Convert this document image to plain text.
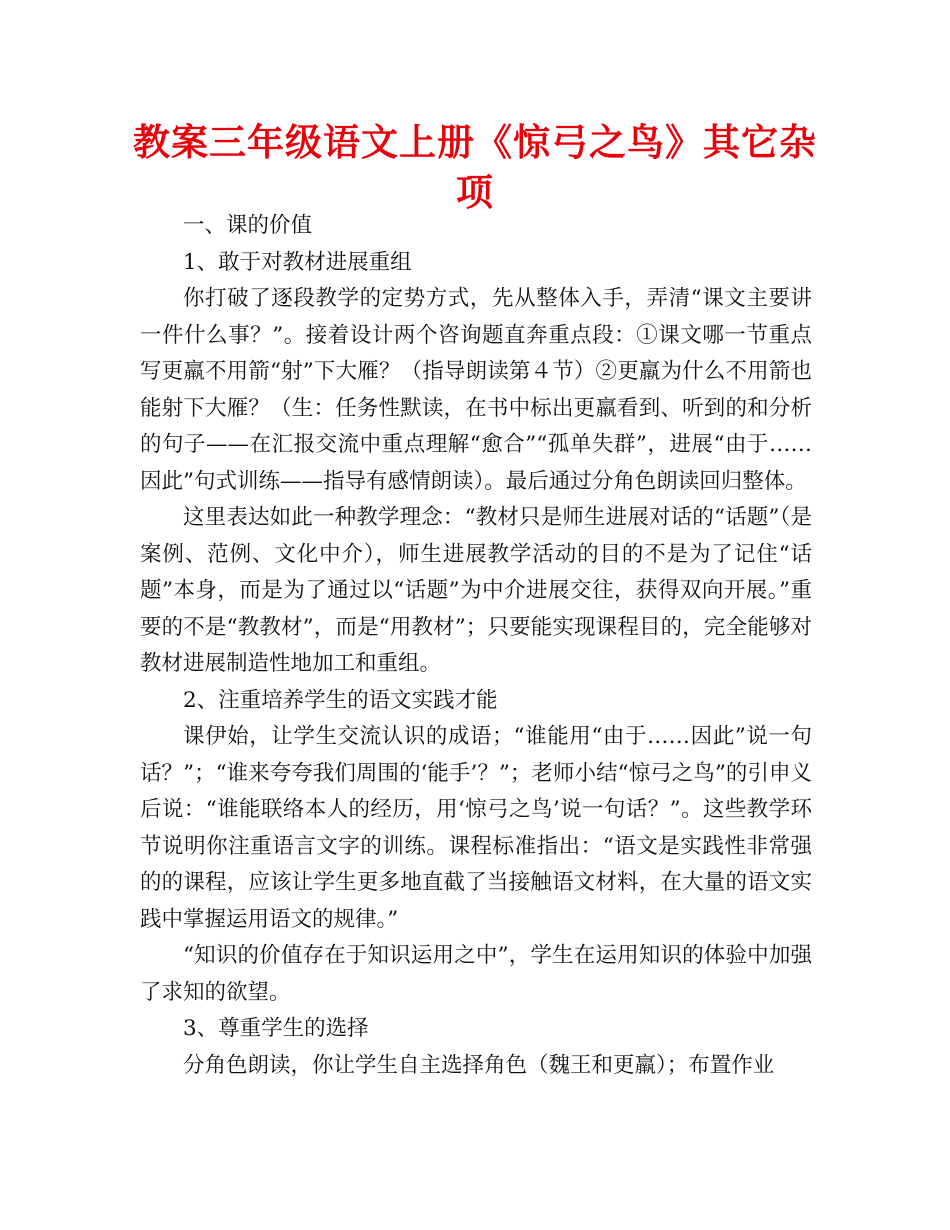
教案三年级语文上册《惊弓之鸟》其它杂项

一、课的价值

1、敢于对教材进展重组

你打破了逐段教学的定势方式，先从整体入手，弄清“课文主要讲一件什么事？”。接着设计两个咨询题直奔重点段：①课文哪一节重点写更羸不用箭“射”下大雁？（指导朗读第４节）②更羸为什么不用箭也能射下大雁？（生：任务性默读，在书中标出更羸看到、听到的和分析的句子——在汇报交流中重点理解“愈合”“孤单失群”，进展“由于……因此”句式训练——指导有感情朗读）。最后通过分角色朗读回归整体。

这里表达如此一种教学理念：“教材只是师生进展对话的“话题”（是案例、范例、文化中介），师生进展教学活动的目的不是为了记住“话题”本身，而是为了通过以“话题”为中介进展交往，获得双向开展。”重要的不是“教教材”，而是“用教材”；只要能实现课程目的，完全能够对教材进展制造性地加工和重组。

2、注重培养学生的语文实践才能

课伊始，让学生交流认识的成语；“谁能用“由于……因此”说一句话？”；“谁来夸夸我们周围的‘能手’？”；老师小结“惊弓之鸟”的引申义后说：“谁能联络本人的经历，用‘惊弓之鸟’说一句话？”。这些教学环节说明你注重语言文字的训练。课程标准指出：“语文是实践性非常强的的课程，应该让学生更多地直截了当接触语文材料，在大量的语文实践中掌握运用语文的规律。”

“知识的价值存在于知识运用之中”，学生在运用知识的体验中加强了求知的欲望。

3、尊重学生的选择

分角色朗读，你让学生自主选择角色（魏王和更羸）；布置作业
